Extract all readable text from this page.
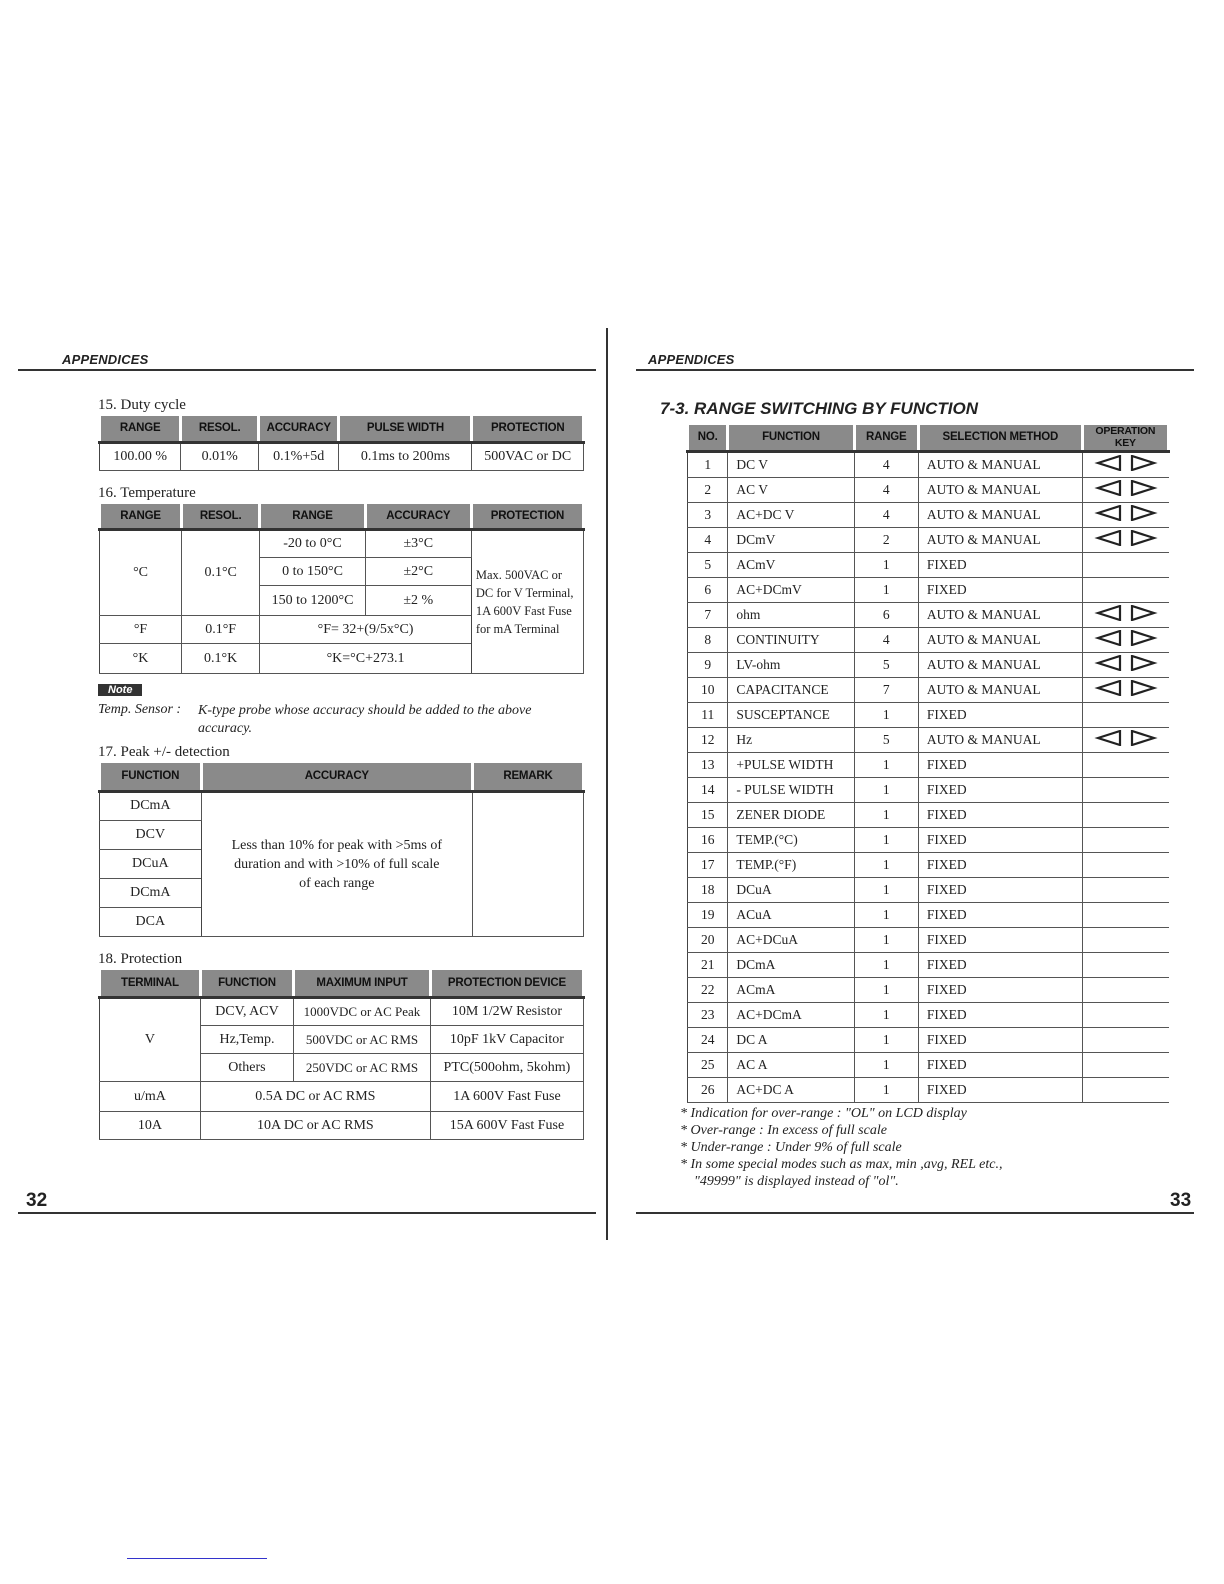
APPENDICES

15. Duty cycle

RANGE	RESOL.	ACCURACY	PULSE WIDTH	PROTECTION
100.00 %	0.01%	0.1%+5d	0.1ms to 200ms	500VAC or DC

16. Temperature

RANGE	RESOL.	RANGE	ACCURACY	PROTECTION
°C	0.1°C	-20 to 0°C	±3°C	Max. 500VAC or DC for V Terminal, 1A 600V Fast Fuse for mA Terminal
		0 to 150°C	±2°C	
		150 to 1200°C	±2 %	
°F	0.1°F	°F= 32+(9/5x°C)		
°K	0.1°K	°K=°C+273.1		
Note
Temp. Sensor :	K-type probe whose accuracy should be added to the above accuracy.

17. Peak +/- detection

FUNCTION	ACCURACY	REMARK
DCmA	Less than 10% for peak with >5ms of duration and with >10% of full scale of each range	
DCV		
DCuA		
DCmA		
DCA		

18. Protection

TERMINAL	FUNCTION	MAXIMUM INPUT	PROTECTION DEVICE
V	DCV, ACV	1000VDC or AC Peak	10M 1/2W Resistor
	Hz,Temp.	500VDC or AC RMS	10pF 1kV Capacitor
	Others	250VDC or AC RMS	PTC(500ohm, 5kohm)
u/mA	0.5A DC or AC RMS		1A 600V Fast Fuse
10A	10A DC or AC RMS		15A 600V Fast Fuse
32
APPENDICES
7-3. RANGE SWITCHING BY FUNCTION
NO.	FUNCTION	RANGE	SELECTION METHOD	OPERATION KEY
1	DC V	4	AUTO & MANUAL	
2	AC V	4	AUTO & MANUAL	
3	AC+DC V	4	AUTO & MANUAL	
4	DCmV	2	AUTO & MANUAL	
5	ACmV	1	FIXED	
6	AC+DCmV	1	FIXED	
7	ohm	6	AUTO & MANUAL	
8	CONTINUITY	4	AUTO & MANUAL	
9	LV-ohm	5	AUTO & MANUAL	
10	CAPACITANCE	7	AUTO & MANUAL	
11	SUSCEPTANCE	1	FIXED	
12	Hz	5	AUTO & MANUAL	
13	+PULSE WIDTH	1	FIXED	
14	- PULSE WIDTH	1	FIXED	
15	ZENER DIODE	1	FIXED	
16	TEMP.(°C)	1	FIXED	
17	TEMP.(°F)	1	FIXED	
18	DCuA	1	FIXED	
19	ACuA	1	FIXED	
20	AC+DCuA	1	FIXED	
21	DCmA	1	FIXED	
22	ACmA	1	FIXED	
23	AC+DCmA	1	FIXED	
24	DC A	1	FIXED	
25	AC A	1	FIXED	
26	AC+DC A	1	FIXED	
* Indication for over-range : "OL" on LCD display
* Over-range : In excess of full scale
* Under-range : Under 9% of full scale
* In some special modes such as max, min ,avg, REL etc.,
"49999" is displayed instead of "ol".
33
